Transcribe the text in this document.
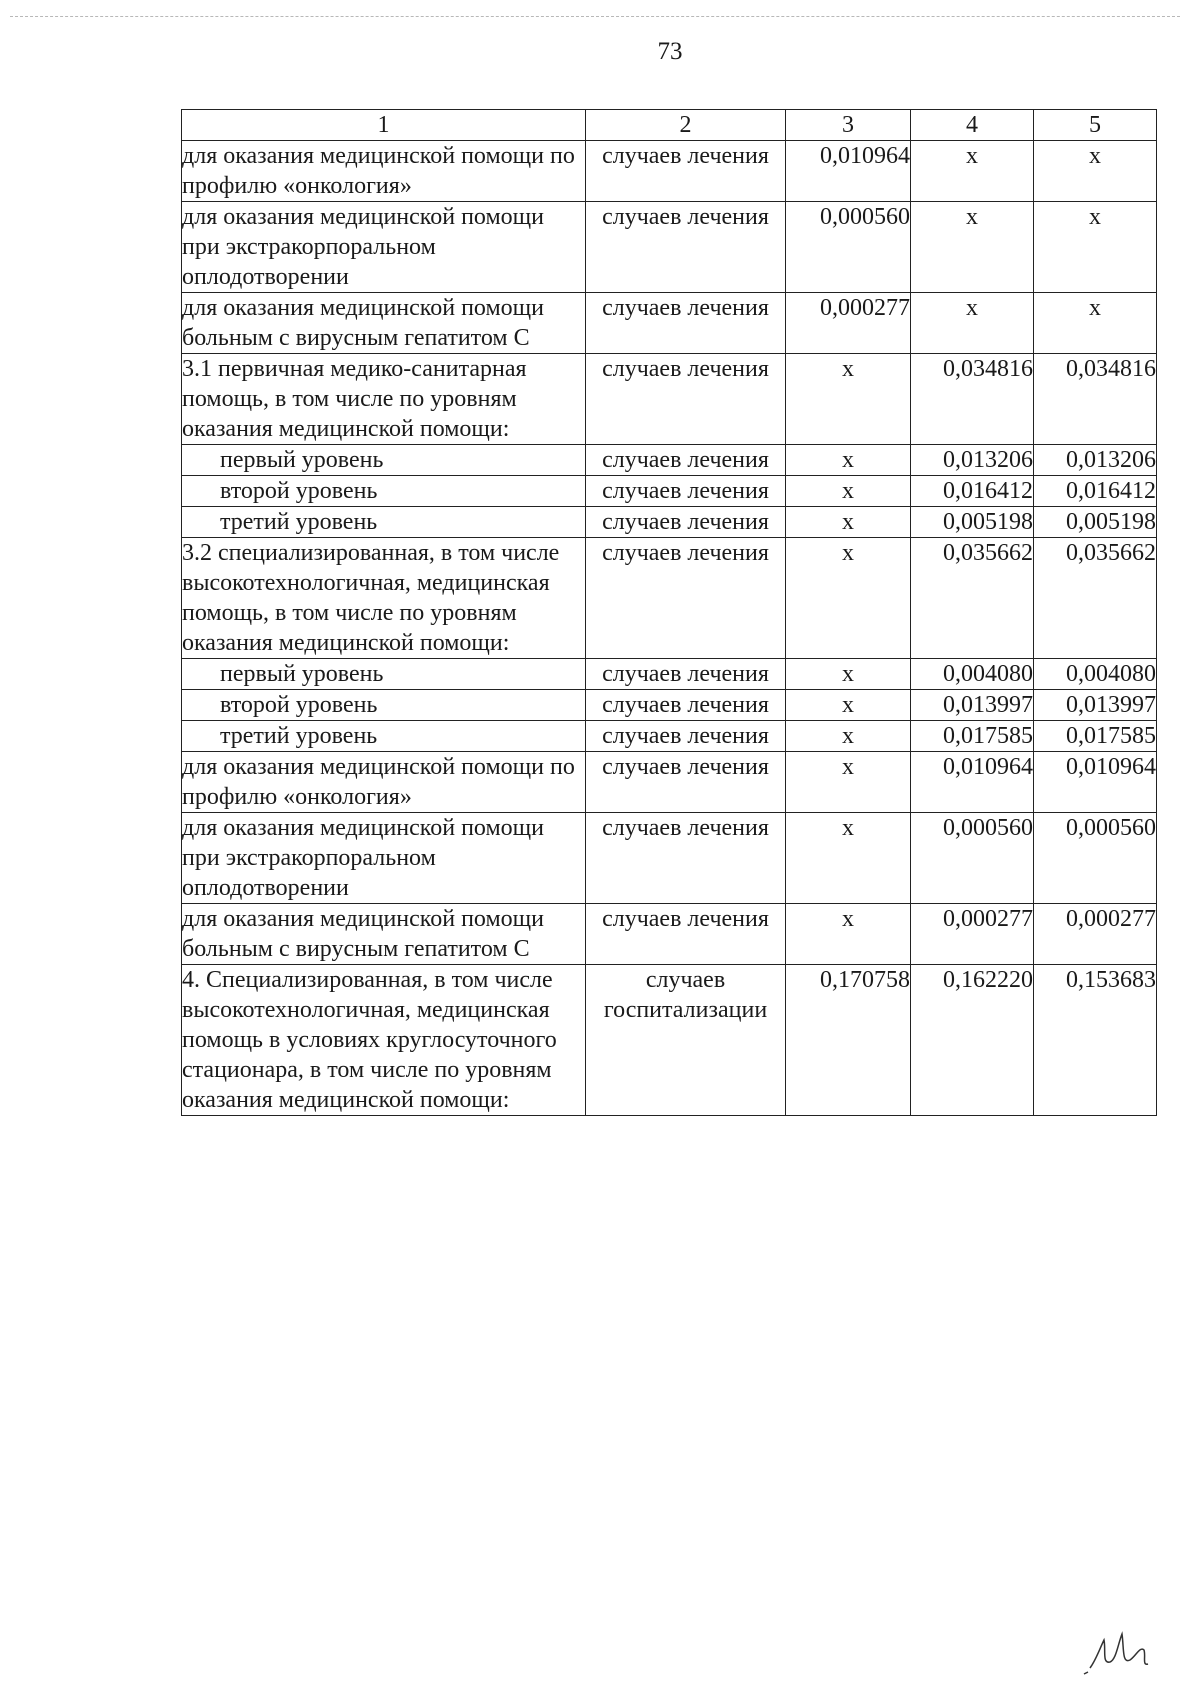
73
1	2	3	4	5
для оказания медицинской помощи по профилю «онкология»	случаев лечения	0,010964	х	х
для оказания медицинской помощи при экстракорпоральном оплодотворении	случаев лечения	0,000560	х	х
для оказания медицинской помощи больным с вирусным гепатитом С	случаев лечения	0,000277	х	х
3.1 первичная медико-санитарная помощь, в том числе по уровням оказания медицинской помощи:	случаев лечения	х	0,034816	0,034816
первый уровень	случаев лечения	х	0,013206	0,013206
второй уровень	случаев лечения	х	0,016412	0,016412
третий уровень	случаев лечения	х	0,005198	0,005198
3.2 специализированная, в том числе высокотехнологичная, медицинская помощь, в том числе по уровням оказания медицинской помощи:	случаев лечения	х	0,035662	0,035662
первый уровень	случаев лечения	х	0,004080	0,004080
второй уровень	случаев лечения	х	0,013997	0,013997
третий уровень	случаев лечения	х	0,017585	0,017585
для оказания медицинской помощи по профилю «онкология»	случаев лечения	х	0,010964	0,010964
для оказания медицинской помощи при экстракорпоральном оплодотворении	случаев лечения	х	0,000560	0,000560
для оказания медицинской помощи больным с вирусным гепатитом С	случаев лечения	х	0,000277	0,000277
4. Специализированная, в том числе высокотехнологичная, медицинская помощь в условиях круглосуточного стационара, в том числе по уровням оказания медицинской помощи:	случаев госпитализации	0,170758	0,162220	0,153683
